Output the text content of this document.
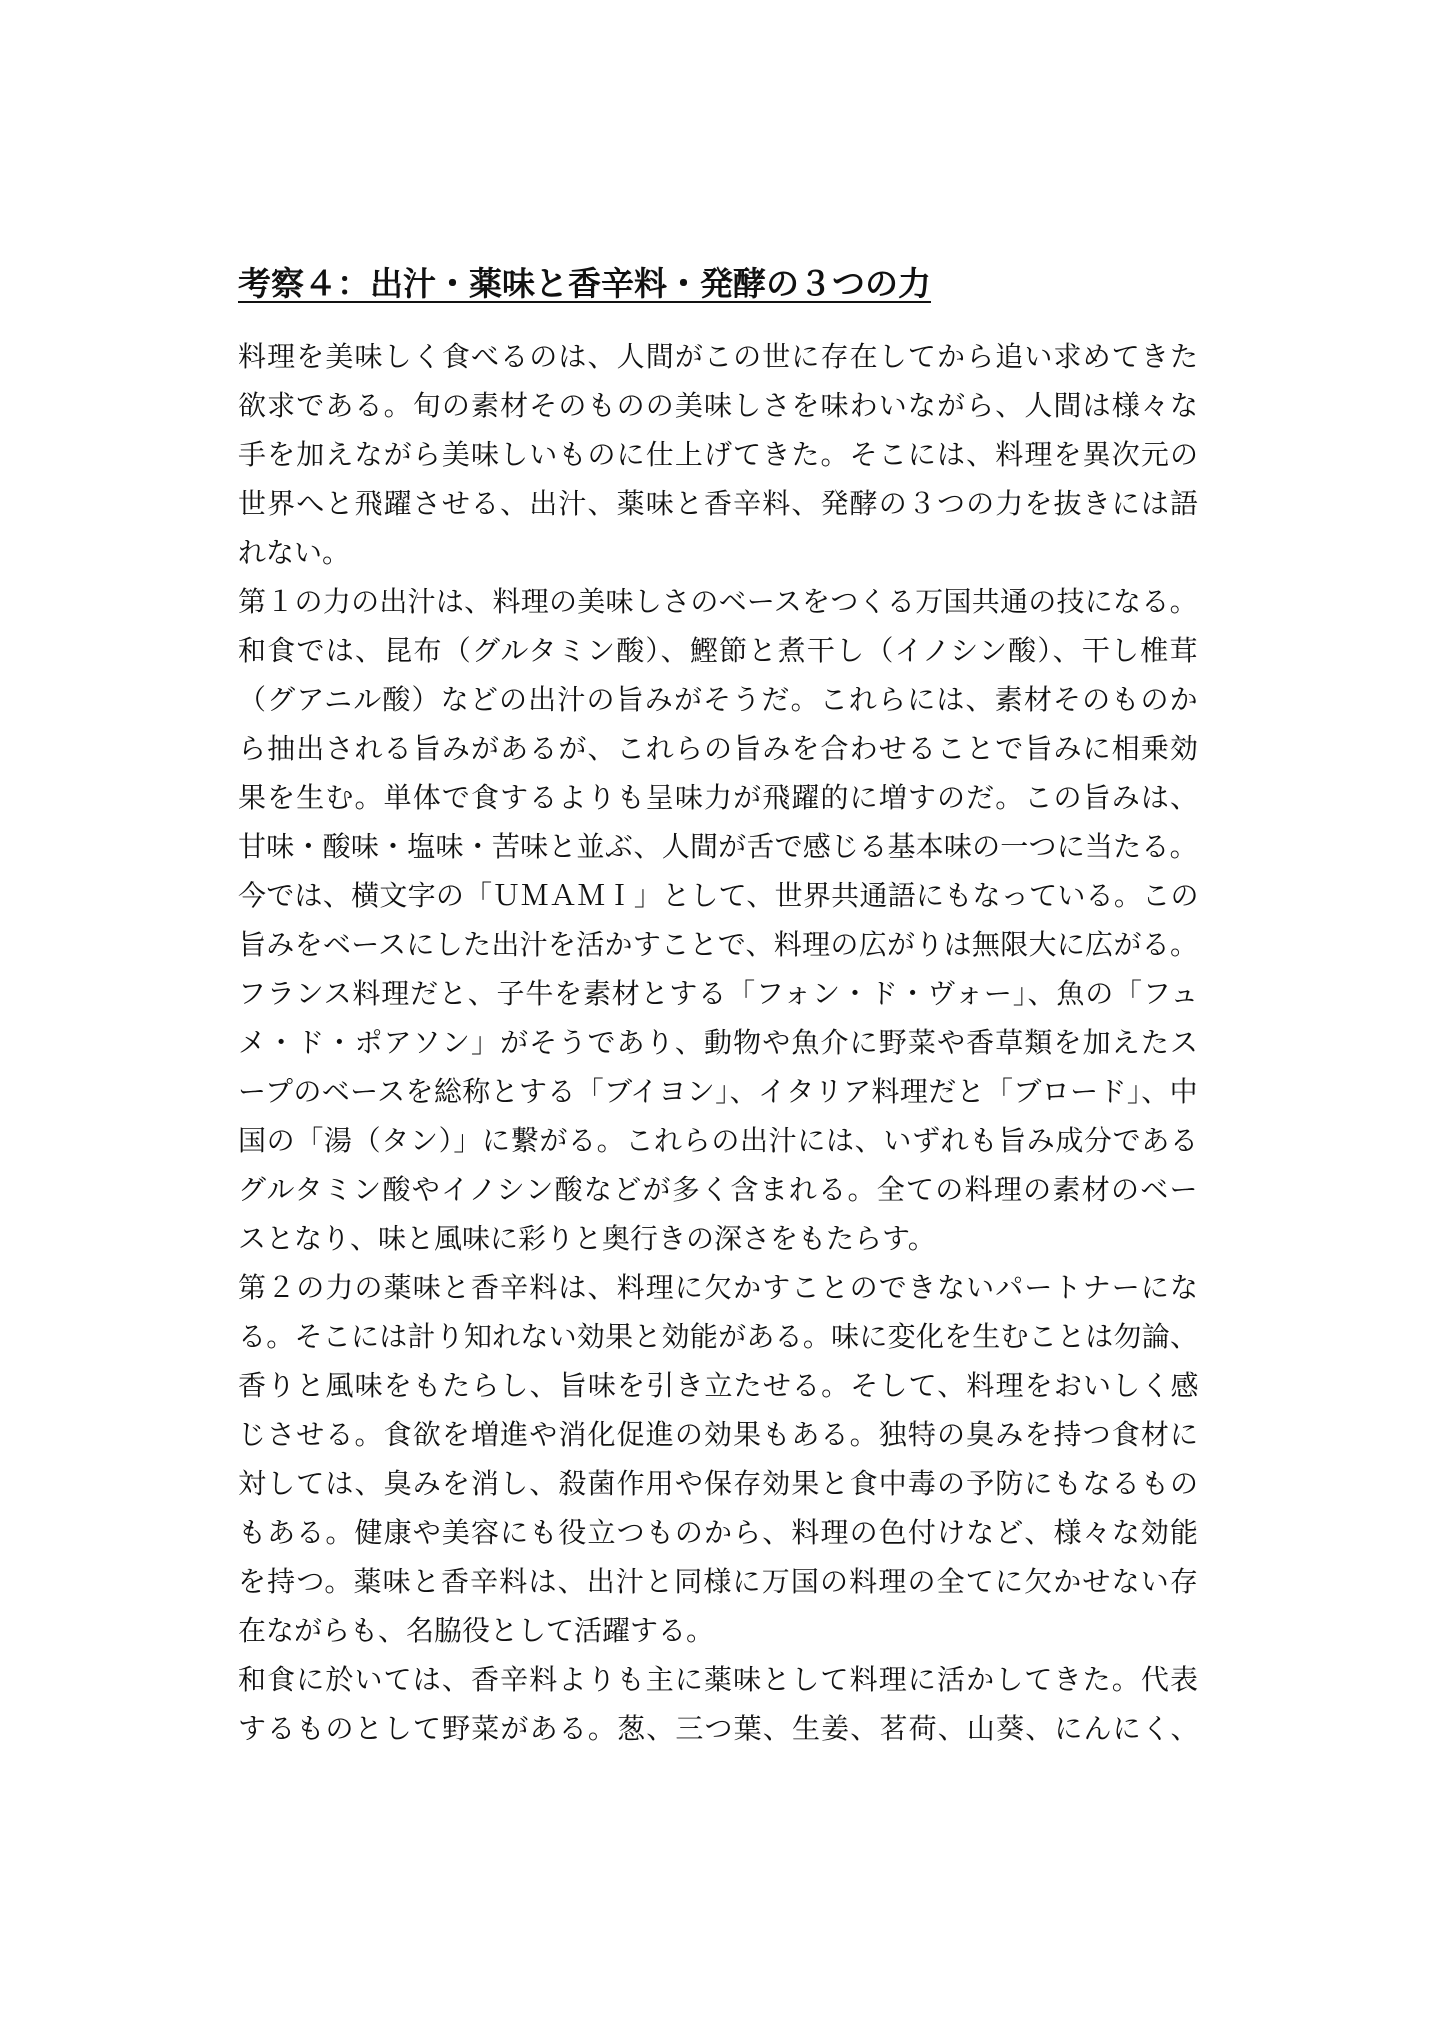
考察４：出汁・薬味と香辛料・発酵の３つの力
料理を美味しく食べるのは、人間がこの世に存在してから追い求めてきた
欲求である。旬の素材そのものの美味しさを味わいながら、人間は様々な
手を加えながら美味しいものに仕上げてきた。そこには、料理を異次元の
世界へと飛躍させる、出汁、薬味と香辛料、発酵の３つの力を抜きには語
れない。
第１の力の出汁は、料理の美味しさのベースをつくる万国共通の技になる。
和食では、昆布（グルタミン酸）、鰹節と煮干し（イノシン酸）、干し椎茸
（グアニル酸）などの出汁の旨みがそうだ。これらには、素材そのものか
ら抽出される旨みがあるが、これらの旨みを合わせることで旨みに相乗効
果を生む。単体で食するよりも呈味力が飛躍的に増すのだ。この旨みは、
甘味・酸味・塩味・苦味と並ぶ、人間が舌で感じる基本味の一つに当たる。
今では、横文字の「ＵＭＡＭＩ」として、世界共通語にもなっている。この
旨みをベースにした出汁を活かすことで、料理の広がりは無限大に広がる。
フランス料理だと、子牛を素材とする「フォン・ド・ヴォー」、魚の「フュ
メ・ド・ポアソン」がそうであり、動物や魚介に野菜や香草類を加えたス
ープのベースを総称とする「ブイヨン」、イタリア料理だと「ブロード」、中
国の「湯（タン）」に繋がる。これらの出汁には、いずれも旨み成分である
グルタミン酸やイノシン酸などが多く含まれる。全ての料理の素材のベー
スとなり、味と風味に彩りと奥行きの深さをもたらす。
第２の力の薬味と香辛料は、料理に欠かすことのできないパートナーにな
る。そこには計り知れない効果と効能がある。味に変化を生むことは勿論、
香りと風味をもたらし、旨味を引き立たせる。そして、料理をおいしく感
じさせる。食欲を増進や消化促進の効果もある。独特の臭みを持つ食材に
対しては、臭みを消し、殺菌作用や保存効果と食中毒の予防にもなるもの
もある。健康や美容にも役立つものから、料理の色付けなど、様々な効能
を持つ。薬味と香辛料は、出汁と同様に万国の料理の全てに欠かせない存
在ながらも、名脇役として活躍する。
和食に於いては、香辛料よりも主に薬味として料理に活かしてきた。代表
するものとして野菜がある。葱、三つ葉、生姜、茗荷、山葵、にんにく、
